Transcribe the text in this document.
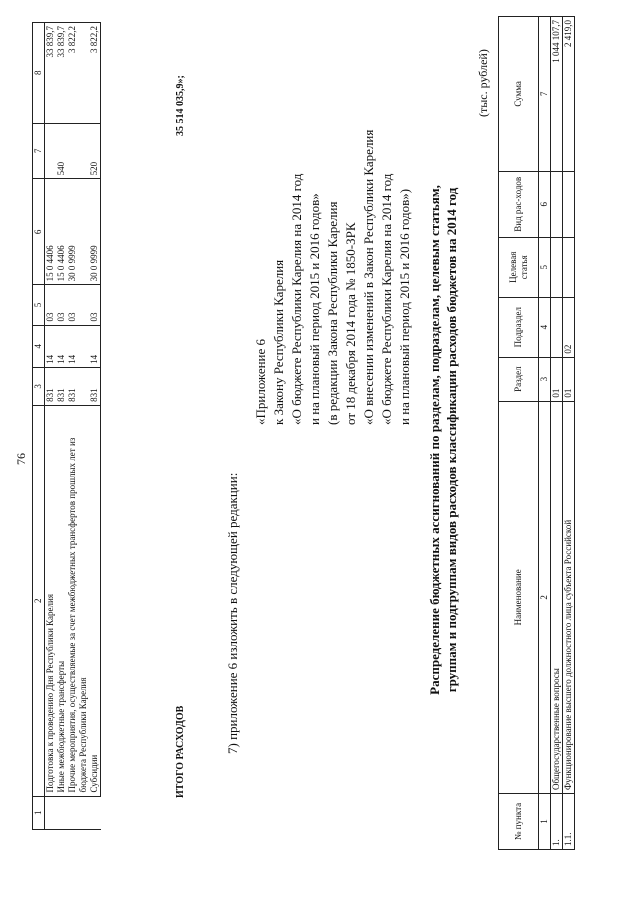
76
1	2	3	4	5	6	7	8
	Подготовка к проведению Дня Республики Карелия	831	14	03	15 0 4406		33 839,7
	Иные межбюджетные трансферты	831	14	03	15 0 4406	540	33 839,7
	Прочие мероприятия, осуществляемые за счет межбюджетных трансфертов прошлых лет из бюджета Республики Карелия	831	14	03	30 0 9999		3 822,2
	Субсидии	831	14	03	30 0 9999	520	3 822,2
ИТОГО РАСХОДОВ
35 514 035,9»;
7) приложение 6 изложить в следующей редакции:
«Приложение 6 к Закону Республики Карелия «О бюджете Республики Карелия на 2014 год и на плановый период 2015 и 2016 годов» (в редакции Закона Республики Карелия от 18 декабря 2014 года № 1850-ЗРК «О внесении изменений в Закон Республики Карелия «О бюджете Республики Карелия на 2014 год и на плановый период 2015 и 2016 годов») Распределение бюджетных ассигнований по разделам, подразделам, целевым статьям, группам и подгруппам видов расходов классификации расходов бюджетов на 2014 год
(тыс. рублей)
№ пункта	Наименование	Раздел	Подраздел	Целевая статья	Вид рас-ходов	Сумма
1	2	3	4	5	6	7
1.	Общегосударственные вопросы	01				1 044 107,7
1.1.	Функционирование высшего должностного лица субъекта Российской	01	02			2 419,0
